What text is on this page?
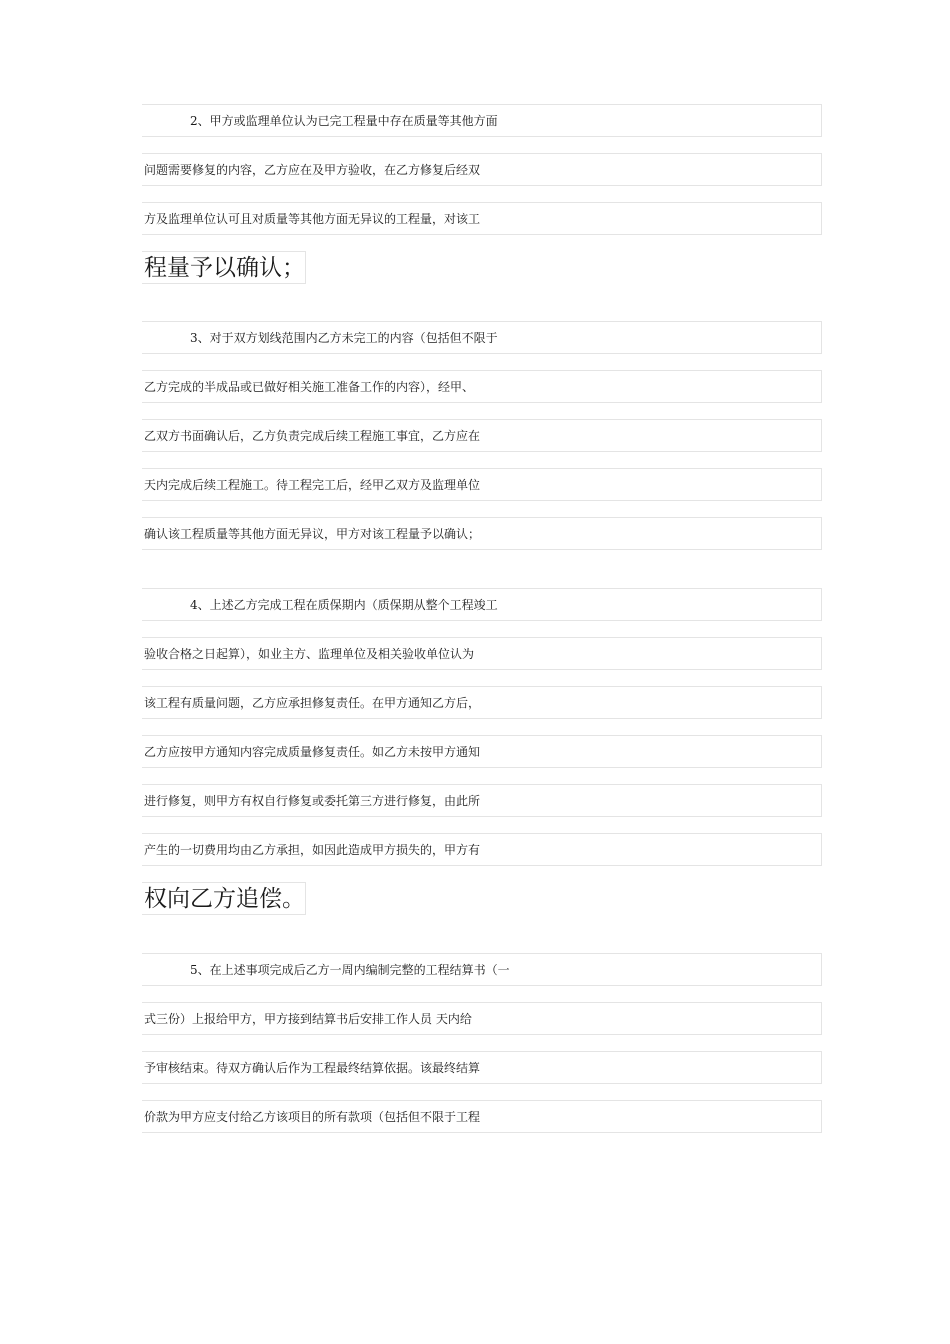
2、甲方或监理单位认为已完工程量中存在质量等其他方面
问题需要修复的内容，乙方应在及甲方验收，在乙方修复后经双
方及监理单位认可且对质量等其他方面无异议的工程量，对该工
程量予以确认；
3、对于双方划线范围内乙方未完工的内容（包括但不限于
乙方完成的半成品或已做好相关施工准备工作的内容），经甲、
乙双方书面确认后，乙方负责完成后续工程施工事宜，乙方应在
天内完成后续工程施工。待工程完工后，经甲乙双方及监理单位
确认该工程质量等其他方面无异议，甲方对该工程量予以确认；
4、上述乙方完成工程在质保期内（质保期从整个工程竣工
验收合格之日起算），如业主方、监理单位及相关验收单位认为
该工程有质量问题，乙方应承担修复责任。在甲方通知乙方后，
乙方应按甲方通知内容完成质量修复责任。如乙方未按甲方通知
进行修复，则甲方有权自行修复或委托第三方进行修复，由此所
产生的一切费用均由乙方承担，如因此造成甲方损失的，甲方有
权向乙方追偿。
5、在上述事项完成后乙方一周内编制完整的工程结算书（一
式三份）上报给甲方，甲方接到结算书后安排工作人员 天内给
予审核结束。待双方确认后作为工程最终结算依据。该最终结算
价款为甲方应支付给乙方该项目的所有款项（包括但不限于工程
